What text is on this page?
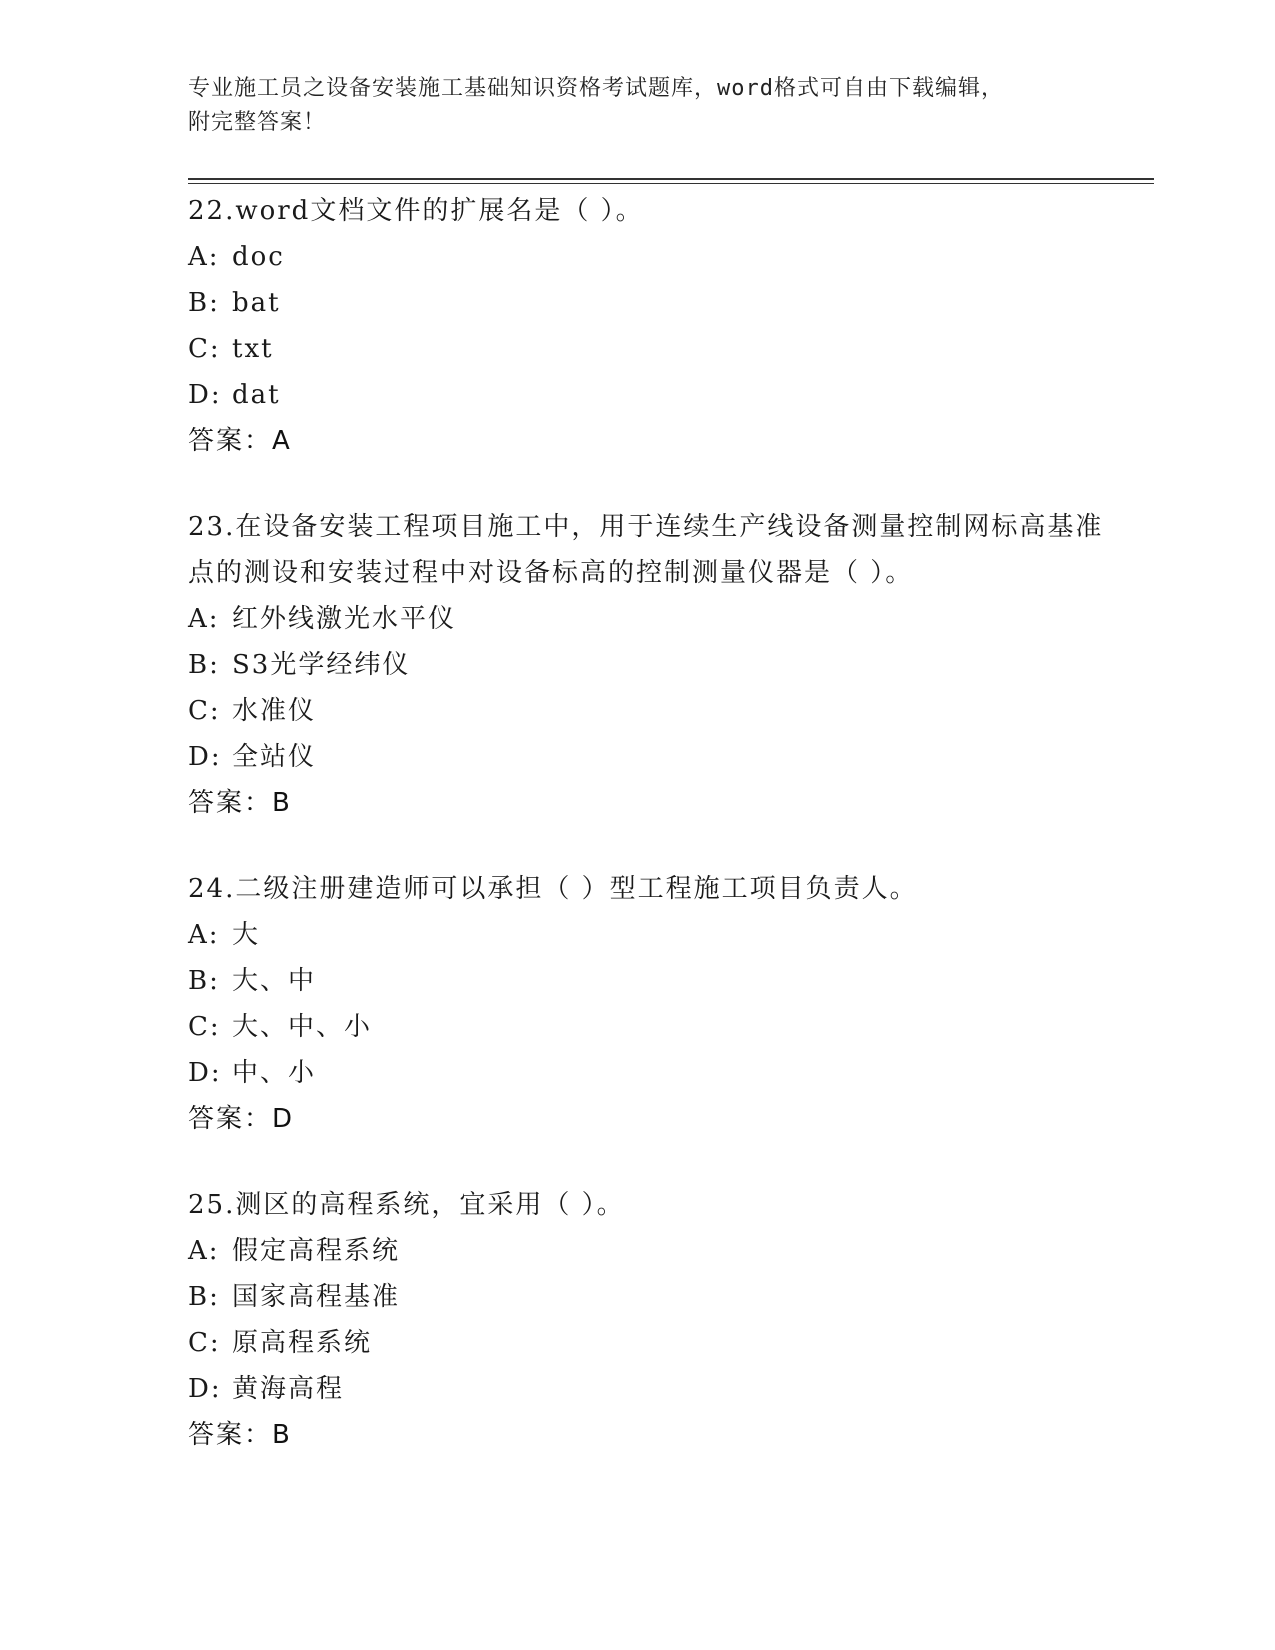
专业施工员之设备安装施工基础知识资格考试题库，word格式可自由下载编辑，
附完整答案！

22.word文档文件的扩展名是（ ）。

A: doc
B: bat
C: txt
D: dat
答案：A

23.在设备安装工程项目施工中，用于连续生产线设备测量控制网标高基准点的测设和安装过程中对设备标高的控制测量仪器是（ ）。

A: 红外线激光水平仪
B: S3光学经纬仪
C: 水准仪
D: 全站仪
答案：B

24.二级注册建造师可以承担（ ）型工程施工项目负责人。

A: 大
B: 大、中
C: 大、中、小
D: 中、小
答案：D

25.测区的高程系统，宜采用（ ）。

A: 假定高程系统
B: 国家高程基准
C: 原高程系统
D: 黄海高程
答案：B
